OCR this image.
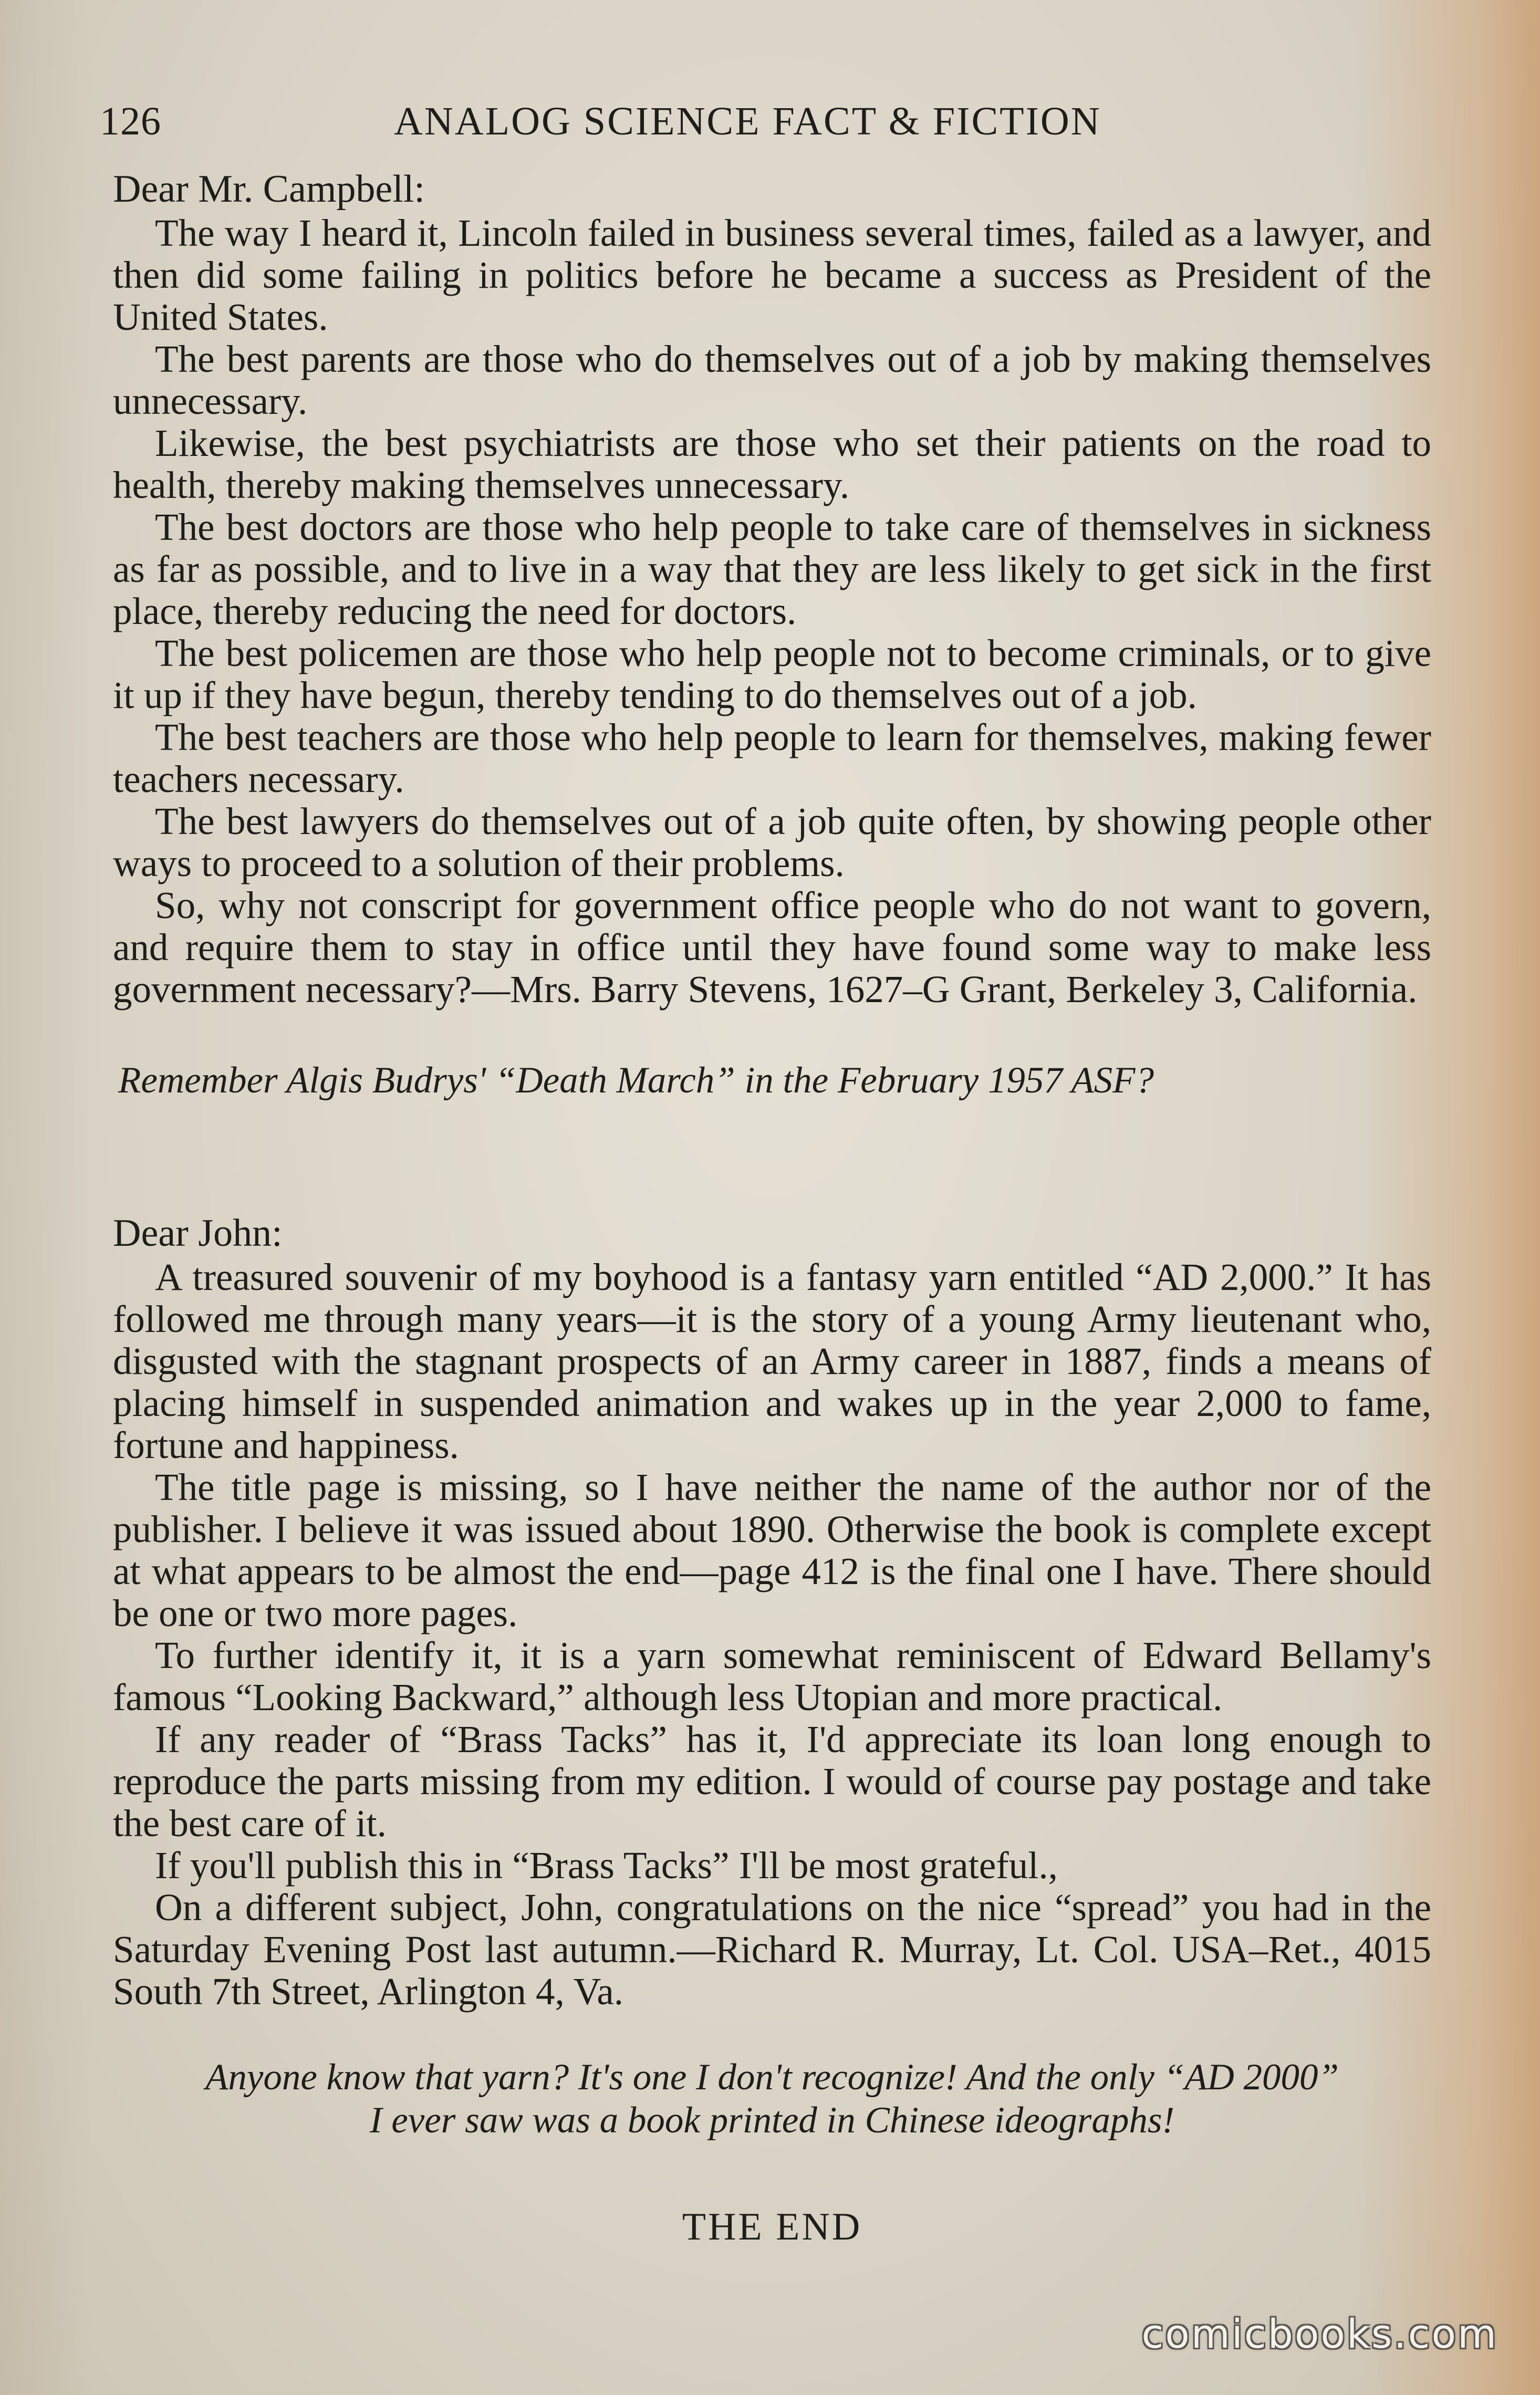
126	ANALOG SCIENCE FACT & FICTION

Dear Mr. Campbell:

The way I heard it, Lincoln failed in business several times, failed as a lawyer, and then did some failing in politics before he became a success as President of the United States.

The best parents are those who do themselves out of a job by making themselves unnecessary.

Likewise, the best psychiatrists are those who set their patients on the road to health, thereby making themselves unnecessary.

The best doctors are those who help people to take care of themselves in sickness as far as possible, and to live in a way that they are less likely to get sick in the first place, thereby reducing the need for doctors.

The best policemen are those who help people not to become criminals, or to give it up if they have begun, thereby tending to do themselves out of a job.

The best teachers are those who help people to learn for themselves, making fewer teachers necessary.

The best lawyers do themselves out of a job quite often, by showing people other ways to proceed to a solution of their problems.

So, why not conscript for government office people who do not want to govern, and require them to stay in office until they have found some way to make less government necessary?—Mrs. Barry Stevens, 1627–G Grant, Berkeley 3, California.

Remember Algis Budrys' “Death March” in the February 1957 ASF?

Dear John:

A treasured souvenir of my boyhood is a fantasy yarn entitled “AD 2,000.” It has followed me through many years—it is the story of a young Army lieutenant who, disgusted with the stagnant prospects of an Army career in 1887, finds a means of placing himself in suspended animation and wakes up in the year 2,000 to fame, fortune and happiness.

The title page is missing, so I have neither the name of the author nor of the publisher. I believe it was issued about 1890. Otherwise the book is complete except at what appears to be almost the end—page 412 is the final one I have. There should be one or two more pages.

To further identify it, it is a yarn somewhat reminiscent of Edward Bellamy's famous “Looking Backward,” although less Utopian and more practical.

If any reader of “Brass Tacks” has it, I'd appreciate its loan long enough to reproduce the parts missing from my edition. I would of course pay postage and take the best care of it.

If you'll publish this in “Brass Tacks” I'll be most grateful.,

On a different subject, John, congratulations on the nice “spread” you had in the Saturday Evening Post last autumn.—Richard R. Murray, Lt. Col. USA–Ret., 4015 South 7th Street, Arlington 4, Va.

Anyone know that yarn? It's one I don't recognize! And the only “AD 2000”
I ever saw was a book printed in Chinese ideographs!
THE END
comicbooks.com
